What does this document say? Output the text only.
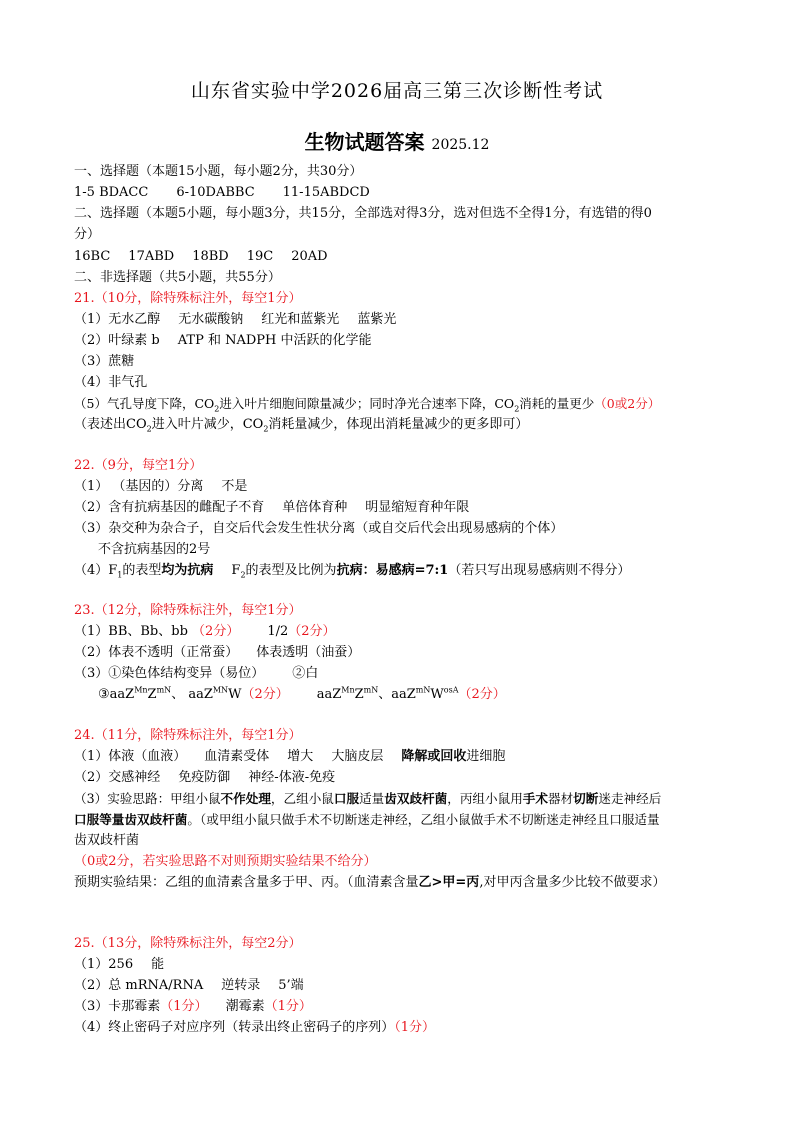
山东省实验中学2026届高三第三次诊断性考试
生物试题答案 2025.12
一、选择题（本题15小题，每小题2分，共30分）
1-5 BDACC 6-10DABBC 11-15ABDCD
二、选择题（本题5小题，每小题3分，共15分，全部选对得3分，选对但选不全得1分，有选错的得0
分）
16BC 17ABD 18BD 19C 20AD
二、非选择题（共5小题，共55分）
21.（10分，除特殊标注外，每空1分）
（1）无水乙醇 无水碳酸钠 红光和蓝紫光 蓝紫光
（2）叶绿素 b ATP 和 NADPH 中活跃的化学能
（3）蔗糖
（4）非气孔
（5）气孔导度下降，$CO_2$进入叶片细胞间隙量减少；同时净光合速率下降，$CO_2$消耗的量更少（0或2分）
（表述出$CO_2$进入叶片减少，$CO_2$消耗量减少，体现出消耗量减少的更多即可）
22.（9分，每空1分）
（1） （基因的）分离 不是
（2）含有抗病基因的雌配子不育 单倍体育种 明显缩短育种年限
（3）杂交种为杂合子，自交后代会发生性状分离（或自交后代会出现易感病的个体）
不含抗病基因的2号
$(4)F_1$的表型均为抗病 $F_2$的表型及比例为抗病：易感病=7:1（若只写出现易感病则不得分）
23.（12分，除特殊标注外，每空1分）
（1）BB、Bb、bb （2分） 1/2（2分）
（2）体表不透明（正常蚕） 体表透明（油蚕）
（3）①染色体结构变异（易位） ②白
$③aaZ^{Mn}Z^{mN}$、 aaZ$^{MN}$W（2分） $aaZ^{Mn}Z^{mN}$、$aaZ^{mN}W^{osA}(2$分）
24.（11分，除特殊标注外，每空1分）
（1）体液（血液） 血清素受体 增大 大脑皮层 降解或回收进细胞
（2）交感神经 免疫防御 神经-体液-免疫
（3）实验思路：甲组小鼠不作处理，乙组小鼠口服适量齿双歧杆菌，丙组小鼠用手术器材切断迷走神经后
口服等量齿双歧杆菌。（或甲组小鼠只做手术不切断迷走神经，乙组小鼠做手术不切断迷走神经且口服适量
齿双歧杆菌
（0或2分，若实验思路不对则预期实验结果不给分）
预期实验结果：乙组的血清素含量多于甲、丙。（血清素含量乙>甲=丙,对甲丙含量多少比较不做要求）
25.（13分，除特殊标注外，每空2分）
（1）256 能
（2）总 mRNA/RNA 逆转录 5’端
（3）卡那霉素（1分） 潮霉素（1分）
（4）终止密码子对应序列（转录出终止密码子的序列）（1分）
